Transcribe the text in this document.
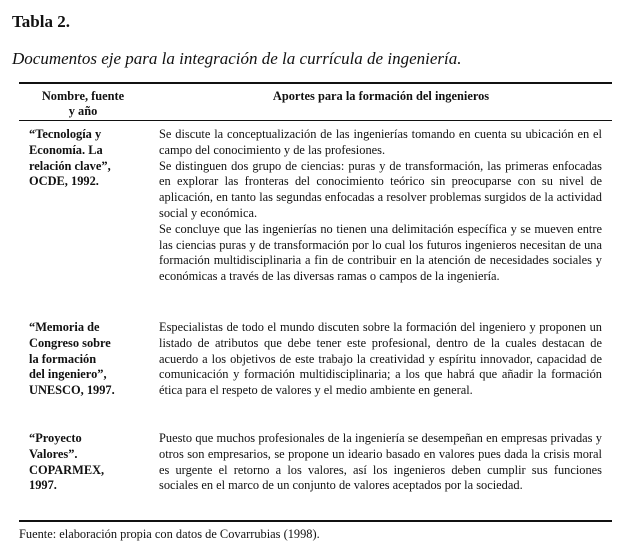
Tabla 2.
Documentos eje para la integración de la currícula de ingeniería.
Nombre, fuente
y año
Aportes para la formación del ingenieros
“Tecnología y
Economía. La
relación clave”,
OCDE, 1992.
Se discute la conceptualización de las ingenierías tomando en cuenta su ubicación en el campo del conocimiento y de las profesiones.
Se distinguen dos grupo de ciencias: puras y de transformación, las primeras enfocadas en explorar las fronteras del conocimiento teórico sin preocuparse con su nivel de aplicación, en tanto las segundas enfocadas a resolver problemas surgidos de la actividad social y económica.
Se concluye que las ingenierías no tienen una delimitación específica y se mueven entre las ciencias puras y de transformación por lo cual los futuros ingenieros necesitan de una formación multidisciplinaria a fin de contribuir en la atención de necesidades sociales y económicas a través de las diversas ramas o campos de la ingeniería.
“Memoria de
Congreso sobre
la formación
del ingeniero”,
UNESCO, 1997.
Especialistas de todo el mundo discuten sobre la formación del ingeniero y proponen un listado de atributos que debe tener este profesional, dentro de la cuales destacan de acuerdo a los objetivos de este trabajo la creatividad y espíritu innovador, capacidad de comunicación y formación multidisciplinaria; a los que habrá que añadir la formación ética para el respeto de valores y el medio ambiente en general.
“Proyecto
Valores”.
COPARMEX,
1997.
Puesto que muchos profesionales de la ingeniería se desempeñan en empresas privadas y otros son empresarios, se propone un ideario basado en valores pues dada la crisis moral es urgente el retorno a los valores, así los ingenieros deben cumplir sus funciones sociales en el marco de un conjunto de valores aceptados por la sociedad.
Fuente: elaboración propia con datos de Covarrubias (1998).
